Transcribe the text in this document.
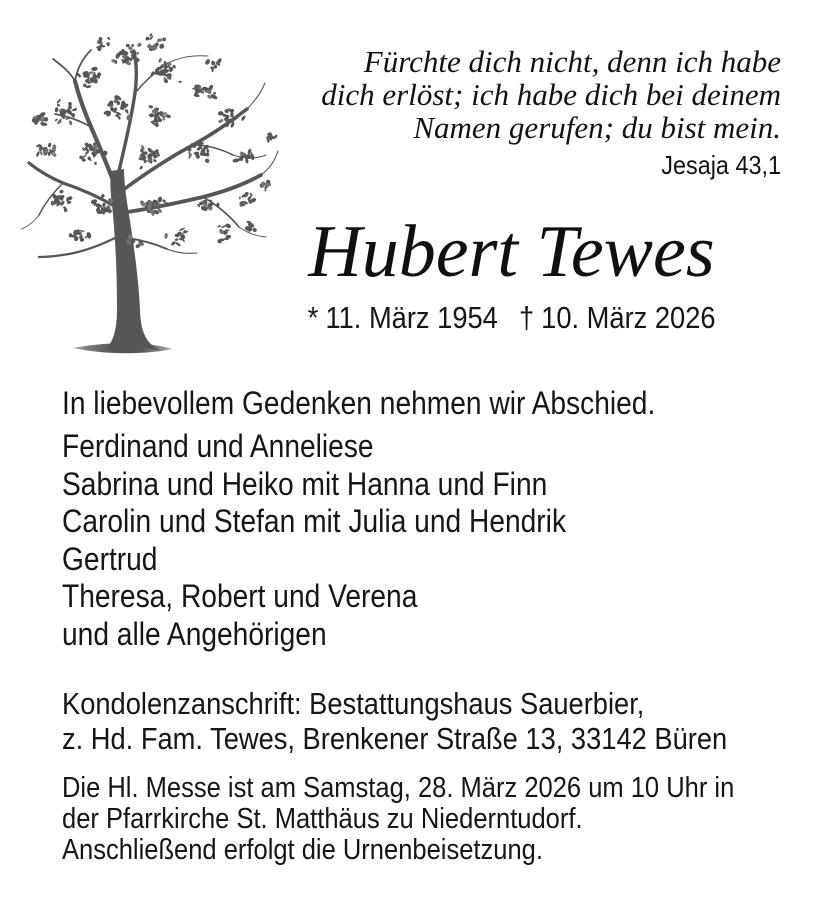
Fürchte dich nicht, denn ich habe
dich erlöst; ich habe dich bei deinem
Namen gerufen; du bist mein.
Jesaja 43,1
Hubert Tewes
* 11. März 1954 † 10. März 2026
In liebevollem Gedenken nehmen wir Abschied.
Ferdinand und Anneliese
Sabrina und Heiko mit Hanna und Finn
Carolin und Stefan mit Julia und Hendrik
Gertrud
Theresa, Robert und Verena
und alle Angehörigen
Kondolenzanschrift: Bestattungshaus Sauerbier,
z. Hd. Fam. Tewes, Brenkener Straße 13, 33142 Büren
Die Hl. Messe ist am Samstag, 28. März 2026 um 10 Uhr in
der Pfarrkirche St. Matthäus zu Niederntudorf.
Anschließend erfolgt die Urnenbeisetzung.
